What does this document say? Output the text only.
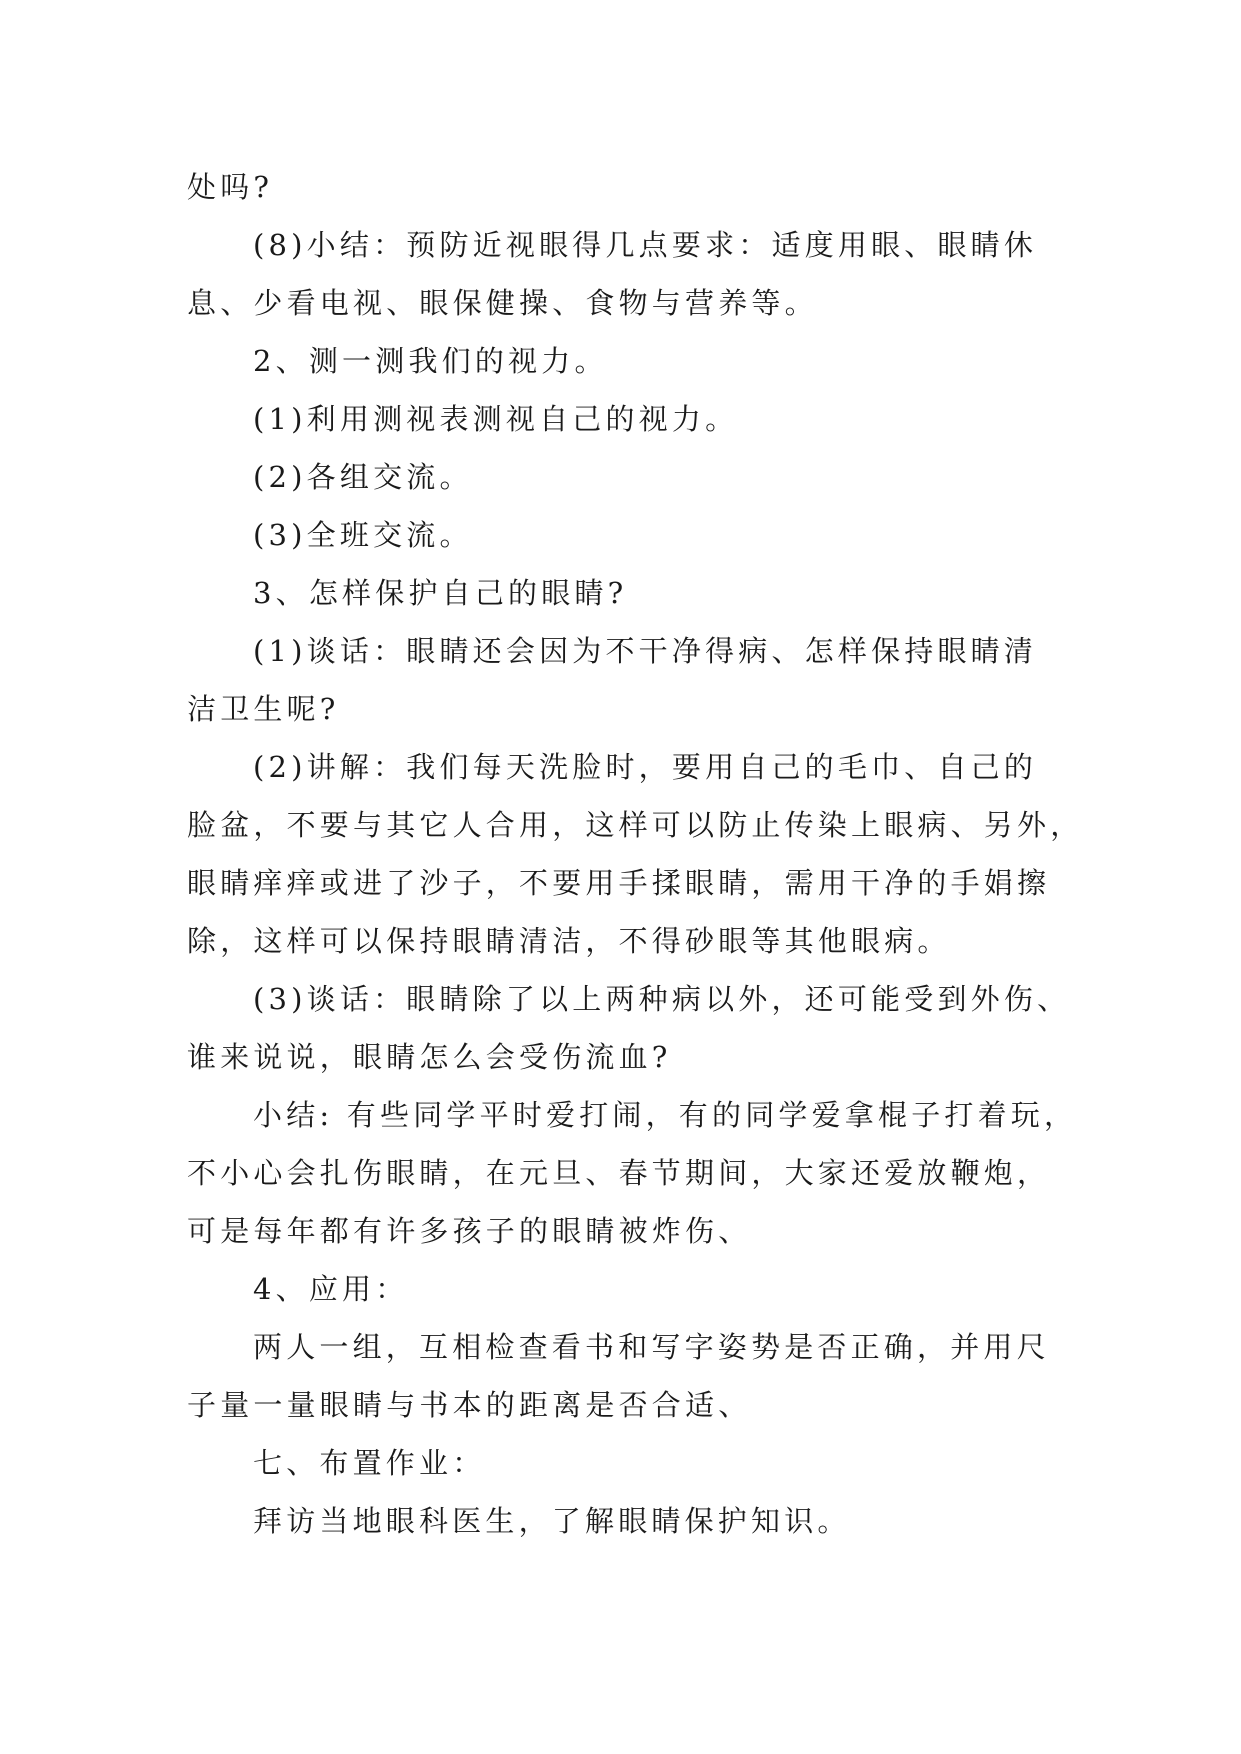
处吗?
(8)小结：预防近视眼得几点要求：适度用眼、眼睛休
息、少看电视、眼保健操、食物与营养等。
2、测一测我们的视力。
(1)利用测视表测视自己的视力。
(2)各组交流。
(3)全班交流。
3、怎样保护自己的眼睛?
(1)谈话：眼睛还会因为不干净得病、怎样保持眼睛清
洁卫生呢?
(2)讲解：我们每天洗脸时，要用自己的毛巾、自己的
脸盆，不要与其它人合用，这样可以防止传染上眼病、另外，
眼睛痒痒或进了沙子，不要用手揉眼睛，需用干净的手娟擦
除，这样可以保持眼睛清洁，不得砂眼等其他眼病。
(3)谈话：眼睛除了以上两种病以外，还可能受到外伤、
谁来说说，眼睛怎么会受伤流血?
小结: 有些同学平时爱打闹，有的同学爱拿棍子打着玩，
不小心会扎伤眼睛，在元旦、春节期间，大家还爱放鞭炮，
可是每年都有许多孩子的眼睛被炸伤、
4、应用：
两人一组，互相检查看书和写字姿势是否正确，并用尺
子量一量眼睛与书本的距离是否合适、
七、布置作业：
拜访当地眼科医生，了解眼睛保护知识。
